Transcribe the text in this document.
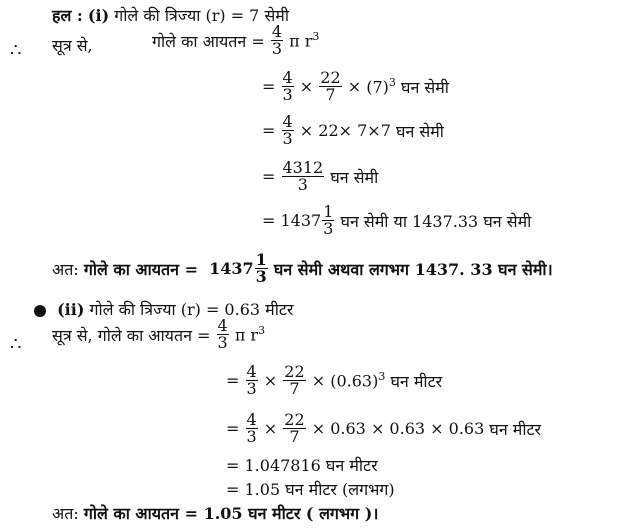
हल : (i) गोले की त्रिज्या (r) = 7 सेमी
∴ सूत्र से,	गोले का आयतन = $\frac{4}{3}$ π $r^3$
= $\frac{4}{3} \times \frac{22}{7} \times (7)^3$ घन सेमी
= $\frac{4}{3} \times 22\times 7\times 7$ घन सेमी
= $\frac{4312}{3}$ घन सेमी
= $1437 \frac{1}{3}$ घन सेमी या 1437.33 घन सेमी
अत: गोले का आयतन = $1437 \frac{1}{3}$ घन सेमी अथवा लगभग 1437. 33 घन सेमी।
(ii) गोले की त्रिज्या (r) = 0.63 मीटर
∴ सूत्र से, गोले का आयतन = $\frac{4}{3}$ π $r^3$
= $\frac{4}{3} \times \frac{22}{7} \times (0.63)^3$ घन मीटर
= $\frac{4}{3} \times \frac{22}{7} \times 0.63 \times 0.63 \times 0.63$ घन मीटर
= 1.047816 घन मीटर
= 1.05 घन मीटर (लगभग)
अत: गोले का आयतन = 1.05 घन मीटर ( लगभग )।
